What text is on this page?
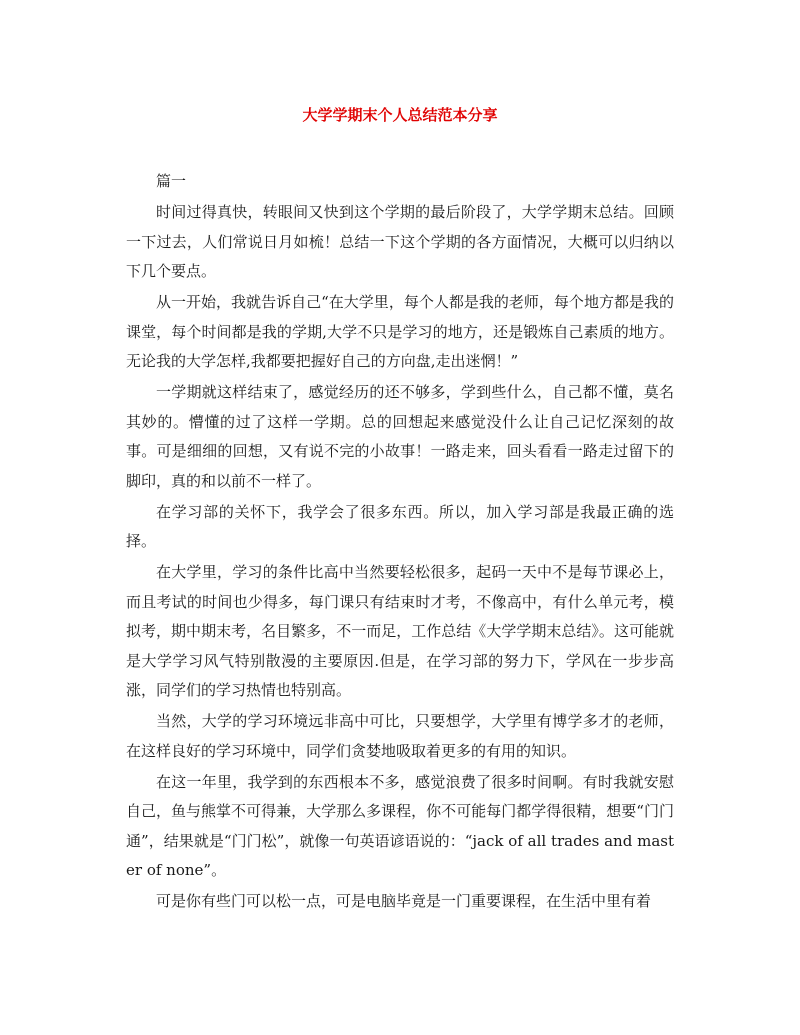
大学学期末个人总结范本分享

篇一

时间过得真快，转眼间又快到这个学期的最后阶段了，大学学期末总结。回顾一下过去，人们常说日月如梳！总结一下这个学期的各方面情况，大概可以归纳以下几个要点。

从一开始，我就告诉自己“在大学里，每个人都是我的老师，每个地方都是我的课堂，每个时间都是我的学期,大学不只是学习的地方，还是锻炼自己素质的地方。无论我的大学怎样,我都要把握好自己的方向盘,走出迷惘！”

一学期就这样结束了，感觉经历的还不够多，学到些什么，自己都不懂，莫名其妙的。懵懂的过了这样一学期。总的回想起来感觉没什么让自己记忆深刻的故事。可是细细的回想，又有说不完的小故事！一路走来，回头看看一路走过留下的脚印，真的和以前不一样了。

在学习部的关怀下，我学会了很多东西。所以，加入学习部是我最正确的选择。

在大学里，学习的条件比高中当然要轻松很多，起码一天中不是每节课必上，而且考试的时间也少得多，每门课只有结束时才考，不像高中，有什么单元考，模拟考，期中期末考，名目繁多，不一而足，工作总结《大学学期末总结》。这可能就是大学学习风气特别散漫的主要原因.但是，在学习部的努力下，学风在一步步高涨，同学们的学习热情也特别高。

当然，大学的学习环境远非高中可比，只要想学，大学里有博学多才的老师，在这样良好的学习环境中，同学们贪婪地吸取着更多的有用的知识。

在这一年里，我学到的东西根本不多，感觉浪费了很多时间啊。有时我就安慰自己，鱼与熊掌不可得兼，大学那么多课程，你不可能每门都学得很精，想要“门门通”，结果就是“门门松”，就像一句英语谚语说的：“jack of all trades and master of none”。

可是你有些门可以松一点，可是电脑毕竟是一门重要课程，在生活中里有着
